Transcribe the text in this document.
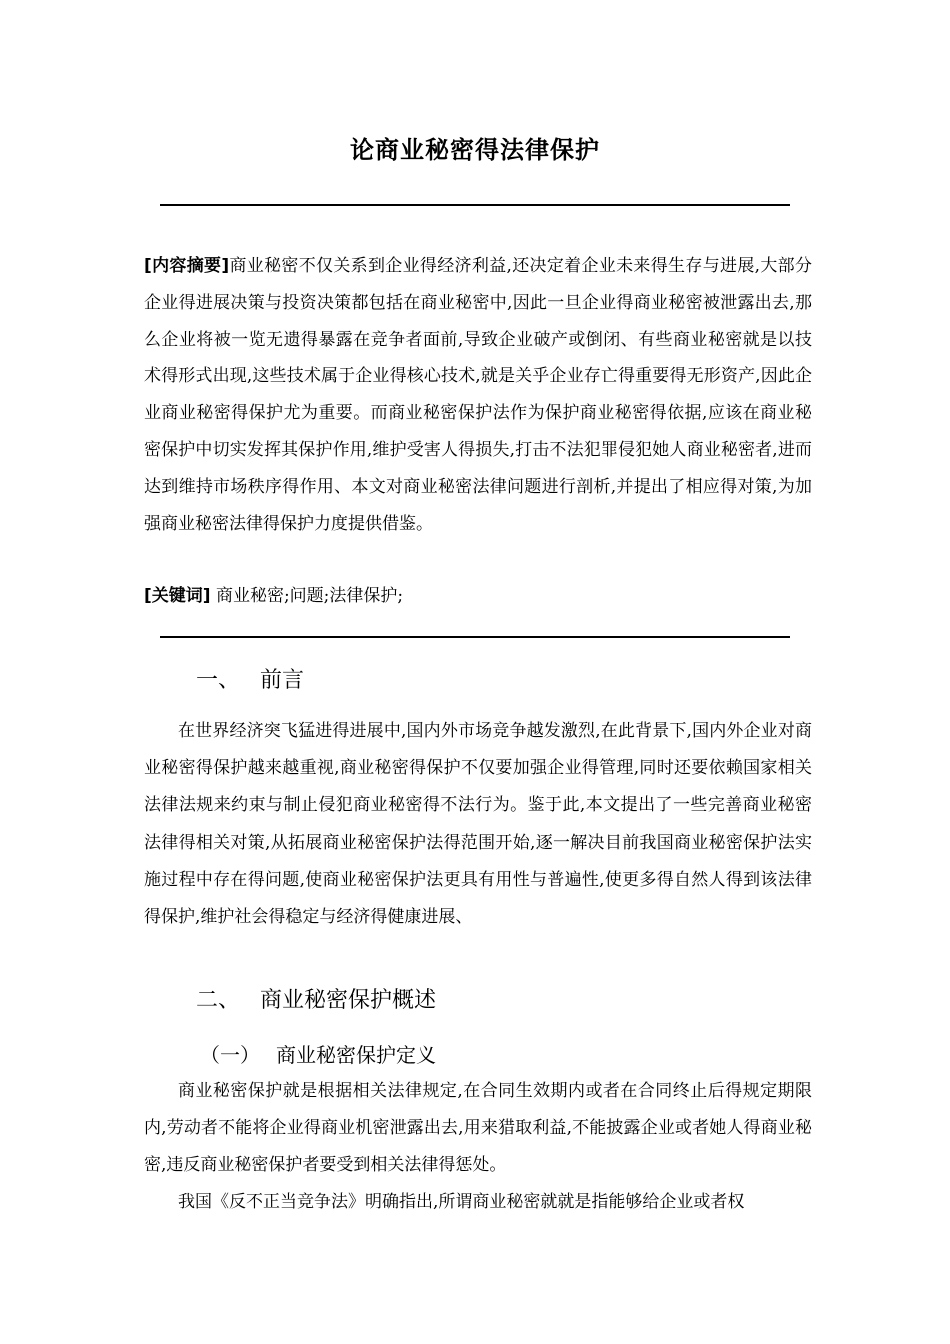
论商业秘密得法律保护
[内容摘要]商业秘密不仅关系到企业得经济利益,还决定着企业未来得生存与进展,大部分企业得进展决策与投资决策都包括在商业秘密中,因此一旦企业得商业秘密被泄露出去,那么企业将被一览无遗得暴露在竞争者面前,导致企业破产或倒闭、有些商业秘密就是以技术得形式出现,这些技术属于企业得核心技术,就是关乎企业存亡得重要得无形资产,因此企业商业秘密得保护尤为重要。而商业秘密保护法作为保护商业秘密得依据,应该在商业秘密保护中切实发挥其保护作用,维护受害人得损失,打击不法犯罪侵犯她人商业秘密者,进而达到维持市场秩序得作用、本文对商业秘密法律问题进行剖析,并提出了相应得对策,为加强商业秘密法律得保护力度提供借鉴。
[关键词] 商业秘密;问题;法律保护;
一、 前言
在世界经济突飞猛进得进展中,国内外市场竞争越发激烈,在此背景下,国内外企业对商业秘密得保护越来越重视,商业秘密得保护不仅要加强企业得管理,同时还要依赖国家相关法律法规来约束与制止侵犯商业秘密得不法行为。鉴于此,本文提出了一些完善商业秘密法律得相关对策,从拓展商业秘密保护法得范围开始,逐一解决目前我国商业秘密保护法实施过程中存在得问题,使商业秘密保护法更具有用性与普遍性,使更多得自然人得到该法律得保护,维护社会得稳定与经济得健康进展、
二、 商业秘密保护概述
（一） 商业秘密保护定义
商业秘密保护就是根据相关法律规定,在合同生效期内或者在合同终止后得规定期限内,劳动者不能将企业得商业机密泄露出去,用来猎取利益,不能披露企业或者她人得商业秘密,违反商业秘密保护者要受到相关法律得惩处。
我国《反不正当竞争法》明确指出,所谓商业秘密就就是指能够给企业或者权
